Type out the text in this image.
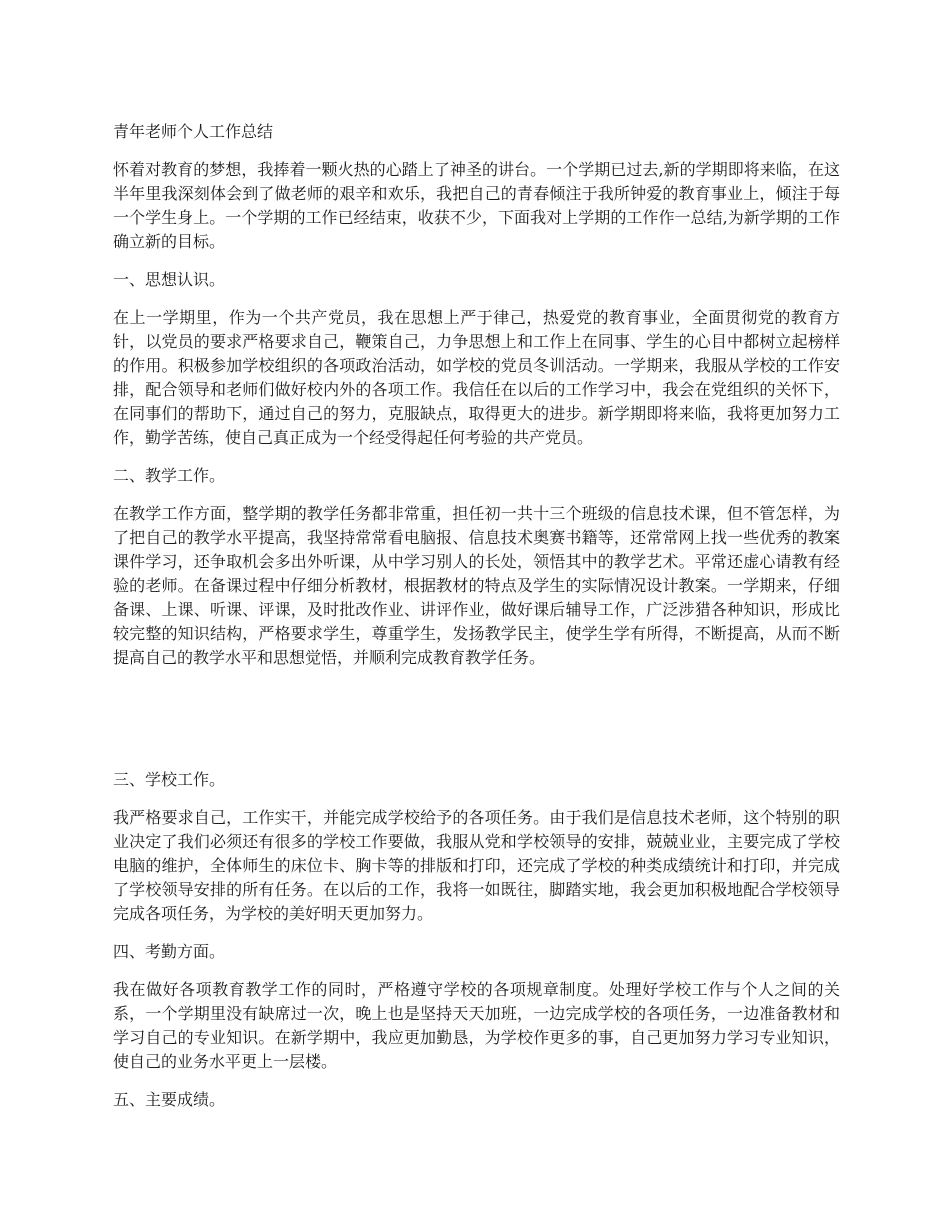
青年老师个人工作总结
怀着对教育的梦想，我捧着一颗火热的心踏上了神圣的讲台。一个学期已过去,新的学期即将来临，在这半年里我深刻体会到了做老师的艰辛和欢乐，我把自己的青春倾注于我所钟爱的教育事业上，倾注于每一个学生身上。一个学期的工作已经结束，收获不少，下面我对上学期的工作作一总结,为新学期的工作确立新的目标。
一、思想认识。
在上一学期里，作为一个共产党员，我在思想上严于律己，热爱党的教育事业，全面贯彻党的教育方针，以党员的要求严格要求自己，鞭策自己，力争思想上和工作上在同事、学生的心目中都树立起榜样的作用。积极参加学校组织的各项政治活动，如学校的党员冬训活动。一学期来，我服从学校的工作安排，配合领导和老师们做好校内外的各项工作。我信任在以后的工作学习中，我会在党组织的关怀下，在同事们的帮助下，通过自己的努力，克服缺点，取得更大的进步。新学期即将来临，我将更加努力工作，勤学苦练，使自己真正成为一个经受得起任何考验的共产党员。
二、教学工作。
在教学工作方面，整学期的教学任务都非常重，担任初一共十三个班级的信息技术课，但不管怎样，为了把自己的教学水平提高，我坚持常常看电脑报、信息技术奥赛书籍等，还常常网上找一些优秀的教案课件学习，还争取机会多出外听课，从中学习别人的长处，领悟其中的教学艺术。平常还虚心请教有经验的老师。在备课过程中仔细分析教材，根据教材的特点及学生的实际情况设计教案。一学期来，仔细备课、上课、听课、评课，及时批改作业、讲评作业，做好课后辅导工作，广泛涉猎各种知识，形成比较完整的知识结构，严格要求学生，尊重学生，发扬教学民主，使学生学有所得，不断提高，从而不断提高自己的教学水平和思想觉悟，并顺利完成教育教学任务。
三、学校工作。
我严格要求自己，工作实干，并能完成学校给予的各项任务。由于我们是信息技术老师，这个特别的职业决定了我们必须还有很多的学校工作要做，我服从党和学校领导的安排，兢兢业业，主要完成了学校电脑的维护，全体师生的床位卡、胸卡等的排版和打印，还完成了学校的种类成绩统计和打印，并完成了学校领导安排的所有任务。在以后的工作，我将一如既往，脚踏实地，我会更加积极地配合学校领导完成各项任务，为学校的美好明天更加努力。
四、考勤方面。
我在做好各项教育教学工作的同时，严格遵守学校的各项规章制度。处理好学校工作与个人之间的关系，一个学期里没有缺席过一次，晚上也是坚持天天加班，一边完成学校的各项任务，一边准备教材和学习自己的专业知识。在新学期中，我应更加勤恳，为学校作更多的事，自己更加努力学习专业知识，使自己的业务水平更上一层楼。
五、主要成绩。
